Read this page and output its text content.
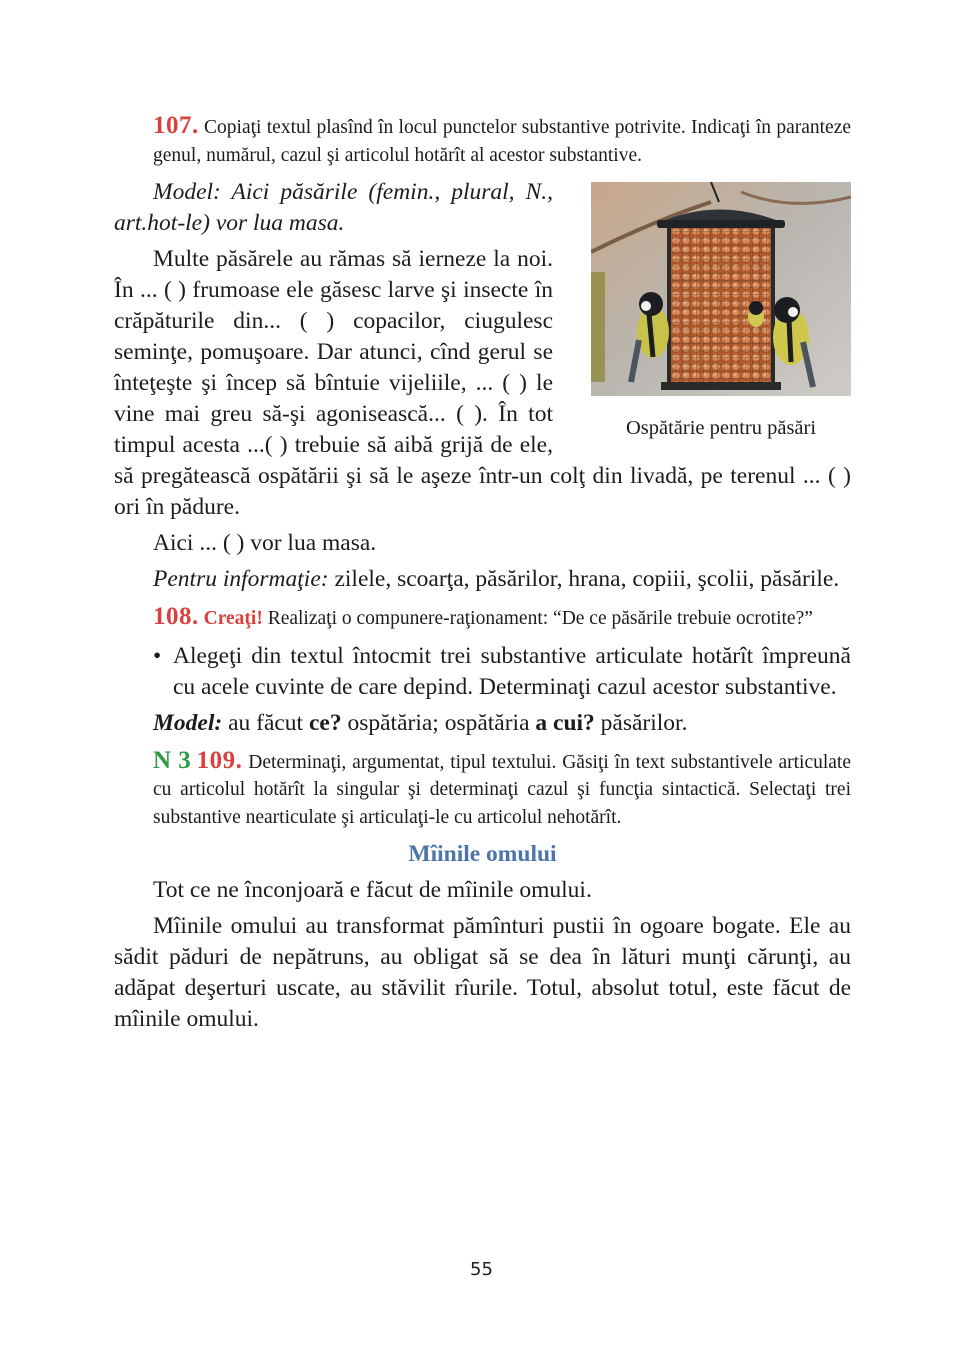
107. Copiaţi textul plasînd în locul punctelor substantive potrivite. Indicaţi în paranteze genul, numărul, cazul şi articolul hotărît al acestor substantive.

Ospătărie pentru păsări

Model: Aici păsările (femin., plural, N., art.hot-le) vor lua masa.

Multe păsărele au rămas să ierneze la noi. În ... ( ) frumoase ele găsesc larve şi insecte în crăpăturile din... ( ) copacilor, ciugulesc seminţe, pomuşoare. Dar atunci, cînd gerul se înteţeşte şi încep să bîntuie vijeliile, ... ( ) le vine mai greu să-şi agonisească... ( ). În tot timpul acesta ...( ) trebuie să aibă grijă de ele, să pregătească ospătării şi să le aşeze într-un colţ din livadă, pe terenul ... ( ) ori în pădure.

Aici ... ( ) vor lua masa.

Pentru informaţie: zilele, scoarţa, păsărilor, hrana, copiii, şcolii, păsările.

108. Creaţi! Realizaţi o compunere-raţionament: “De ce păsările trebuie ocrotite?”

• Alegeţi din textul întocmit trei substantive articulate hotărît împreună cu acele cuvinte de care depind. Determinaţi cazul acestor substantive.

Model: au făcut ce? ospătăria; ospătăria a cui? păsărilor.

N 3 109. Determinaţi, argumentat, tipul textului. Găsiţi în text substantivele articulate cu articolul hotărît la singular şi determinaţi cazul şi funcţia sintactică. Selectaţi trei substantive nearticulate şi articulaţi-le cu articolul nehotărît.

Mîinile omului

Tot ce ne înconjoară e făcut de mîinile omului.

Mîinile omului au transformat pămînturi pustii în ogoare bogate. Ele au sădit păduri de nepătruns, au obligat să se dea în lături munţi cărunţi, au adăpat deşerturi uscate, au stăvilit rîurile. Totul, absolut totul, este făcut de mîinile omului.

55
